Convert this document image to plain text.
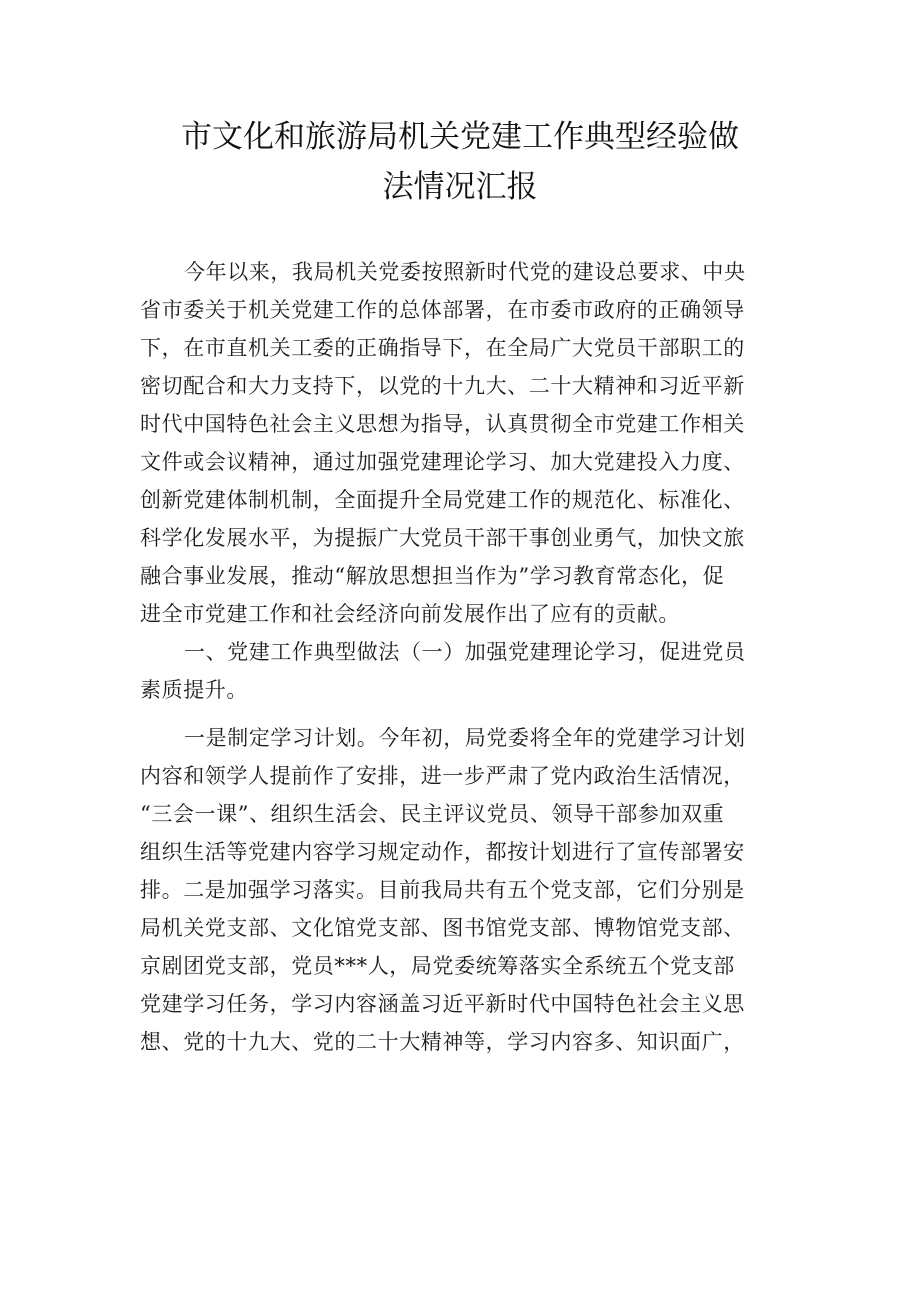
市文化和旅游局机关党建工作典型经验做
法情况汇报
今年以来，我局机关党委按照新时代党的建设总要求、中央
省市委关于机关党建工作的总体部署，在市委市政府的正确领导
下，在市直机关工委的正确指导下，在全局广大党员干部职工的
密切配合和大力支持下，以党的十九大、二十大精神和习近平新
时代中国特色社会主义思想为指导，认真贯彻全市党建工作相关
文件或会议精神，通过加强党建理论学习、加大党建投入力度、
创新党建体制机制，全面提升全局党建工作的规范化、标准化、
科学化发展水平，为提振广大党员干部干事创业勇气，加快文旅
融合事业发展，推动“解放思想担当作为”学习教育常态化，促
进全市党建工作和社会经济向前发展作出了应有的贡献。
一、党建工作典型做法（一）加强党建理论学习，促进党员
素质提升。
一是制定学习计划。今年初，局党委将全年的党建学习计划
内容和领学人提前作了安排，进一步严肃了党内政治生活情况，
“三会一课”、组织生活会、民主评议党员、领导干部参加双重
组织生活等党建内容学习规定动作，都按计划进行了宣传部署安
排。二是加强学习落实。目前我局共有五个党支部，它们分别是
局机关党支部、文化馆党支部、图书馆党支部、博物馆党支部、
京剧团党支部，党员***人，局党委统筹落实全系统五个党支部
党建学习任务，学习内容涵盖习近平新时代中国特色社会主义思
想、党的十九大、党的二十大精神等，学习内容多、知识面广，
